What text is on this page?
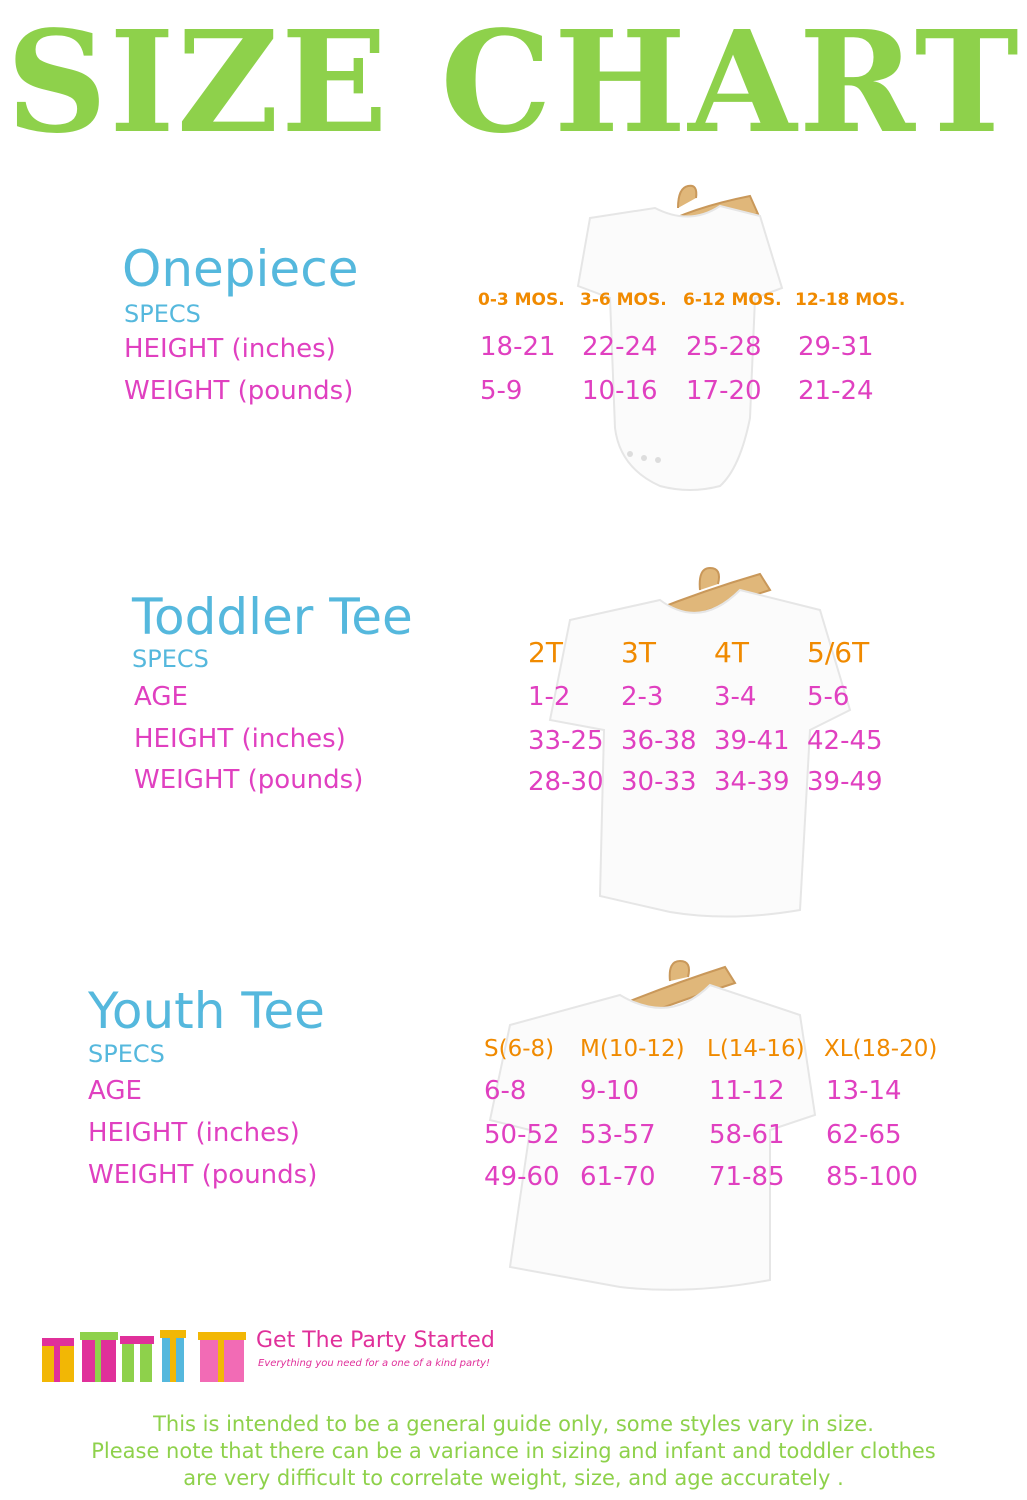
SIZE CHART
Onepiece
SPECS
HEIGHT (inches)
WEIGHT (pounds)
0-3 MOS. 3-6 MOS. 6-12 MOS. 12-18 MOS.
18-21 22-24 25-28 29-31
5-9 10-16 17-20 21-24
Toddler Tee
SPECS
AGE
HEIGHT (inches)
WEIGHT (pounds)
2T 3T 4T 5/6T
1-2 2-3 3-4 5-6
33-25 36-38 39-41 42-45
28-30 30-33 34-39 39-49
Youth Tee
SPECS
AGE
HEIGHT (inches)
WEIGHT (pounds)
S(6-8) M(10-12) L(14-16) XL(18-20)
6-8 9-10	11-12 13-14
50-52 53-57 58-61 62-65
49-60 61-70 71-85 85-100
Get The Party Started
Everything you need for a one of a kind party!
This is intended to be a general guide only, some styles vary in size.
Please note that there can be a variance in sizing and infant and toddler clothes
are very difficult to correlate weight, size, and age accurately .
